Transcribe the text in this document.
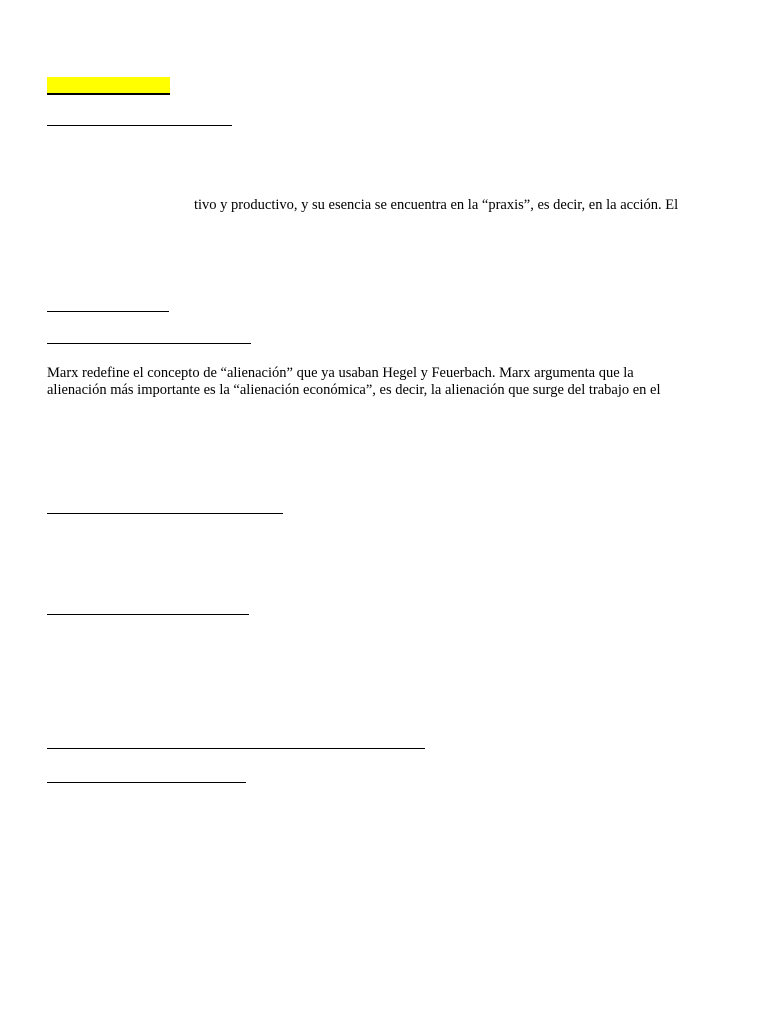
tivo y productivo, y su esencia se encuentra en la “praxis”, es decir, en la acción. El
Marx redefine el concepto de “alienación” que ya usaban Hegel y Feuerbach. Marx argumenta que la
alienación más importante es la “alienación económica”, es decir, la alienación que surge del trabajo en el
